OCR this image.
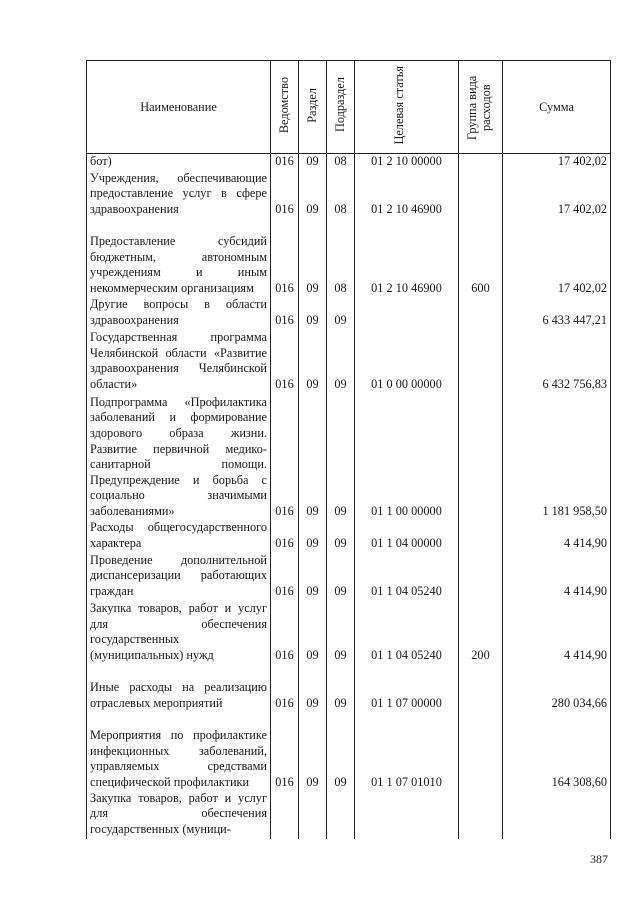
Наименование	Ведомство	Раздел	Подраздел	Целевая статья	Группа вида расходов	Сумма
бот)	016	09	08	01 2 10 00000		17 402,02
Учреждения, обеспечивающие предоставление услуг в сфере здравоохранения	016	09	08	01 2 10 46900		17 402,02
Предоставление субсидий бюджетным, автономным учреждениям и иным некоммерческим организациям	016	09	08	01 2 10 46900	600	17 402,02
Другие вопросы в области здравоохранения	016	09	09			6 433 447,21
Государственная программа Челябинской области «Развитие здравоохранения Челябинской области»	016	09	09	01 0 00 00000		6 432 756,83
Подпрограмма «Профилактика заболеваний и формирование здорового образа жизни. Развитие первичной медико-санитарной помощи. Предупреждение и борьба с социально значимыми заболеваниями»	016	09	09	01 1 00 00000		1 181 958,50
Расходы общегосударственного характера	016	09	09	01 1 04 00000		4 414,90
Проведение дополнительной диспансеризации работающих граждан	016	09	09	01 1 04 05240		4 414,90
Закупка товаров, работ и услуг для обеспечения государственных (муниципальных) нужд	016	09	09	01 1 04 05240	200	4 414,90
Иные расходы на реализацию отраслевых мероприятий	016	09	09	01 1 07 00000		280 034,66
Мероприятия по профилактике инфекционных заболеваний, управляемых средствами специфической профилактики	016	09	09	01 1 07 01010		164 308,60
Закупка товаров, работ и услуг для обеспечения государственных (муници-						
387
